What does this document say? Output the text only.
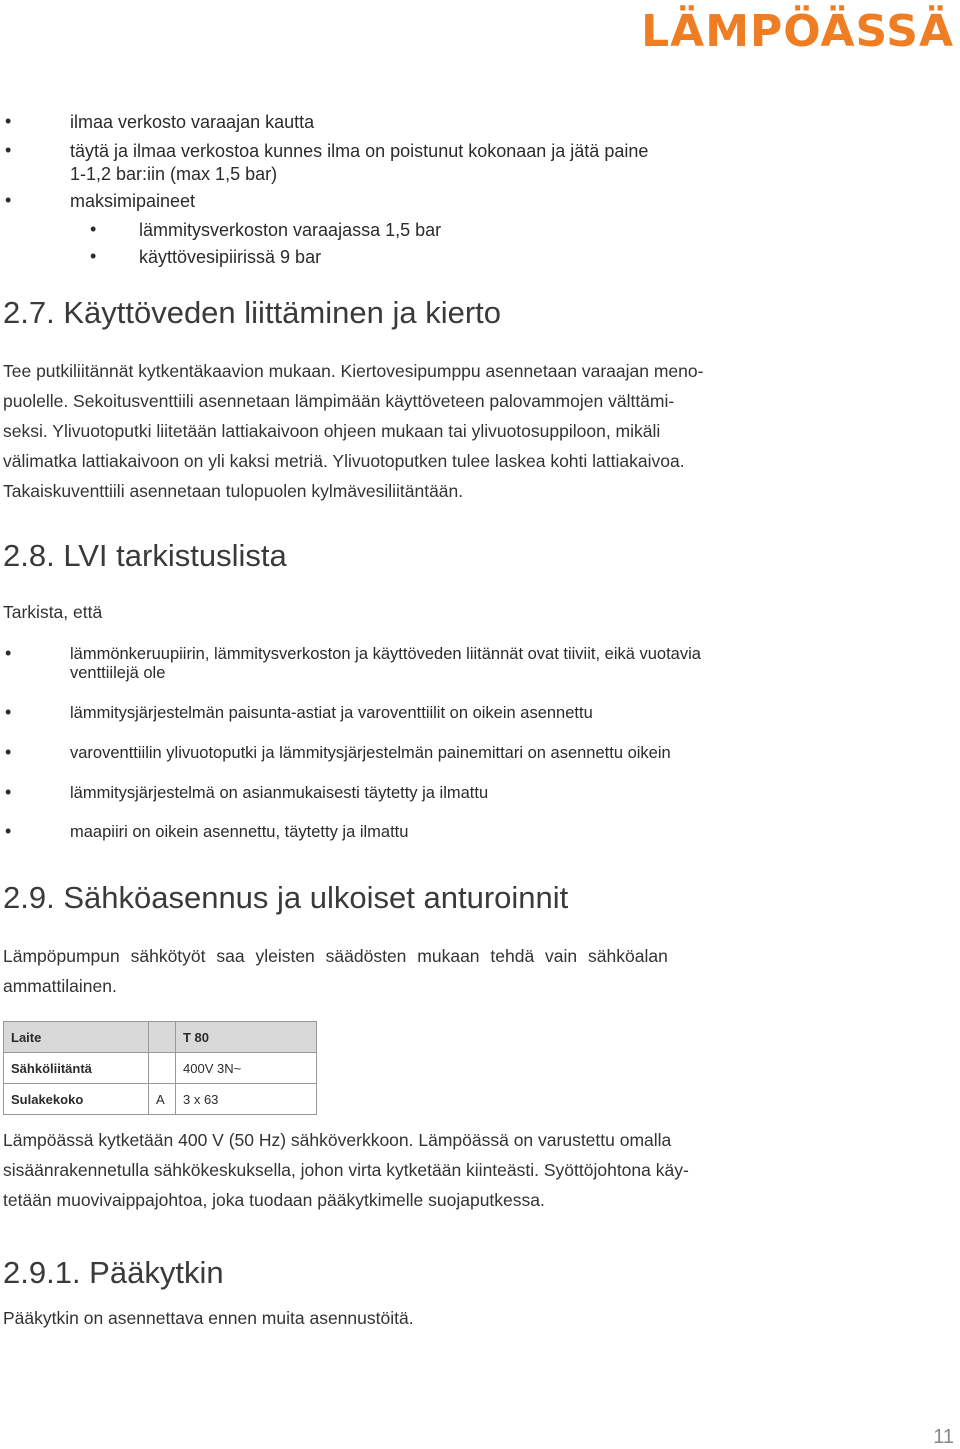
LÄMPÖÄSSÄ
•	ilmaa verkosto varaajan kautta
•	täytä ja ilmaa verkostoa kunnes ilma on poistunut kokonaan ja jätä paine
1-1,2 bar:iin (max 1,5 bar)
•	maksimipaineet
• lämmitysverkoston varaajassa 1,5 bar
• käyttövesipiirissä 9 bar
2.7. Käyttöveden liittäminen ja kierto
Tee putkiliitännät kytkentäkaavion mukaan. Kiertovesipumppu asennetaan varaajan meno-
puolelle. Sekoitusventtiili asennetaan lämpimään käyttöveteen palovammojen välttämi-
seksi. Ylivuotoputki liitetään lattiakaivoon ohjeen mukaan tai ylivuotosuppiloon, mikäli
välimatka lattiakaivoon on yli kaksi metriä. Ylivuotoputken tulee laskea kohti lattiakaivoa.
Takaiskuventtiili asennetaan tulopuolen kylmävesiliitäntään.
2.8. LVI tarkistuslista
Tarkista, että
•	lämmönkeruupiirin, lämmitysverkoston ja käyttöveden liitännät ovat tiiviit, eikä vuotavia
venttiilejä ole
•	lämmitysjärjestelmän paisunta-astiat ja varoventtiilit on oikein asennettu
•	varoventtiilin ylivuotoputki ja lämmitysjärjestelmän painemittari on asennettu oikein
•	lämmitysjärjestelmä on asianmukaisesti täytetty ja ilmattu
•	maapiiri on oikein asennettu, täytetty ja ilmattu
2.9. Sähköasennus ja ulkoiset anturoinnit
Lämpöpumpun sähkötyöt saa yleisten säädösten mukaan tehdä vain sähköalan
ammattilainen.
Laite		T 80
Sähköliitäntä		400V 3N~
Sulakekoko	A	3 x 63
Lämpöässä kytketään 400 V (50 Hz) sähköverkkoon. Lämpöässä on varustettu omalla
sisäänrakennetulla sähkökeskuksella, johon virta kytketään kiinteästi. Syöttöjohtona käy-
tetään muovivaippajohtoa, joka tuodaan pääkytkimelle suojaputkessa.
2.9.1. Pääkytkin
Pääkytkin on asennettava ennen muita asennustöitä.
11
